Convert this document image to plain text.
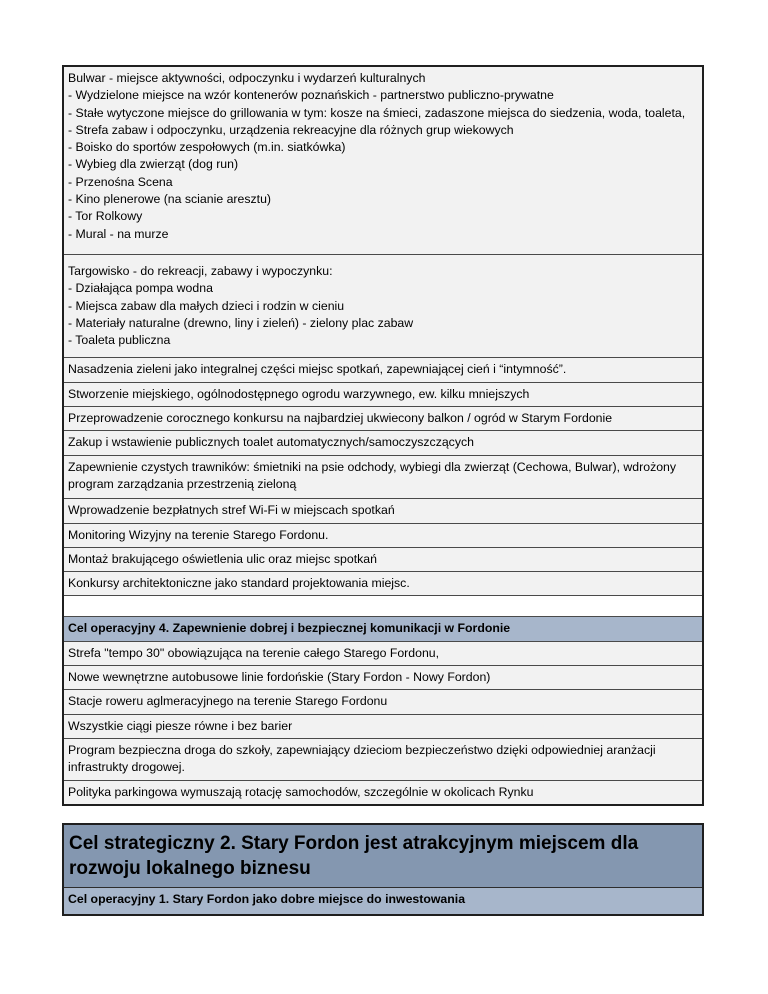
Bulwar - miejsce aktywności, odpoczynku i wydarzeń kulturalnych
- Wydzielone miejsce na wzór kontenerów poznańskich - partnerstwo publiczno-prywatne
- Stałe wytyczone miejsce do grillowania w tym: kosze na śmieci, zadaszone miejsca do siedzenia, woda, toaleta,
- Strefa zabaw i odpoczynku, urządzenia rekreacyjne dla różnych grup wiekowych
- Boisko do sportów zespołowych (m.in. siatkówka)
- Wybieg dla zwierząt (dog run)
- Przenośna Scena
- Kino plenerowe (na scianie aresztu)
- Tor Rolkowy
- Mural - na murze
Targowisko - do rekreacji, zabawy i wypoczynku:
- Działająca pompa wodna
- Miejsca zabaw dla małych dzieci i rodzin w cieniu
- Materiały naturalne (drewno, liny i zieleń) - zielony plac zabaw
- Toaleta publiczna
Nasadzenia zieleni jako integralnej części miejsc spotkań, zapewniającej cień i “intymność”.
Stworzenie miejskiego, ogólnodostępnego ogrodu warzywnego, ew. kilku mniejszych
Przeprowadzenie corocznego konkursu na najbardziej ukwiecony balkon / ogród w Starym Fordonie
Zakup i wstawienie publicznych toalet automatycznych/samoczyszczących
Zapewnienie czystych trawników: śmietniki na psie odchody, wybiegi dla zwierząt (Cechowa, Bulwar), wdrożony program zarządzania przestrzenią zieloną
Wprowadzenie bezpłatnych stref Wi-Fi w miejscach spotkań
Monitoring Wizyjny na terenie Starego Fordonu.
Montaż brakującego oświetlenia ulic oraz miejsc spotkań
Konkursy architektoniczne jako standard projektowania miejsc.
Cel operacyjny 4. Zapewnienie dobrej i bezpiecznej komunikacji w Fordonie
Strefa "tempo 30" obowiązująca na terenie całego Starego Fordonu,
Nowe wewnętrzne autobusowe linie fordońskie (Stary Fordon - Nowy Fordon)
Stacje roweru aglmeracyjnego na terenie Starego Fordonu
Wszystkie ciągi piesze równe i bez barier
Program bezpieczna droga do szkoły, zapewniający dzieciom bezpieczeństwo dzięki odpowiedniej aranżacji infrastrukty drogowej.
Polityka parkingowa wymuszają rotację samochodów, szczególnie w okolicach Rynku
Cel strategiczny 2. Stary Fordon jest atrakcyjnym miejscem dla rozwoju lokalnego biznesu
Cel operacyjny 1. Stary Fordon jako dobre miejsce do inwestowania
